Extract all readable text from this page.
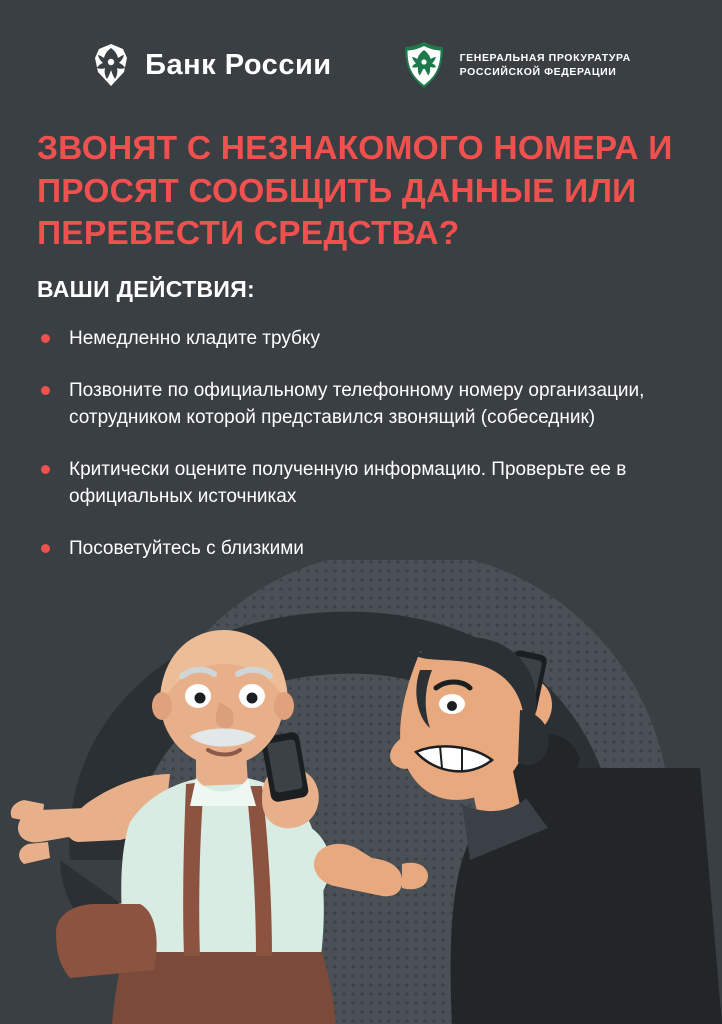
Банк России	ГЕНЕРАЛЬНАЯ ПРОКУРАТУРА
РОССИЙСКОЙ ФЕДЕРАЦИИ
ЗВОНЯТ С НЕЗНАКОМОГО НОМЕРА И ПРОСЯТ СООБЩИТЬ ДАННЫЕ ИЛИ ПЕРЕВЕСТИ СРЕДСТВА?
ВАШИ ДЕЙСТВИЯ:
Немедленно кладите трубку
Позвоните по официальному телефонному номеру организации, сотрудником которой представился звонящий (собеседник)
Критически оцените полученную информацию. Проверьте ее в официальных источниках
Посоветуйтесь с близкими
